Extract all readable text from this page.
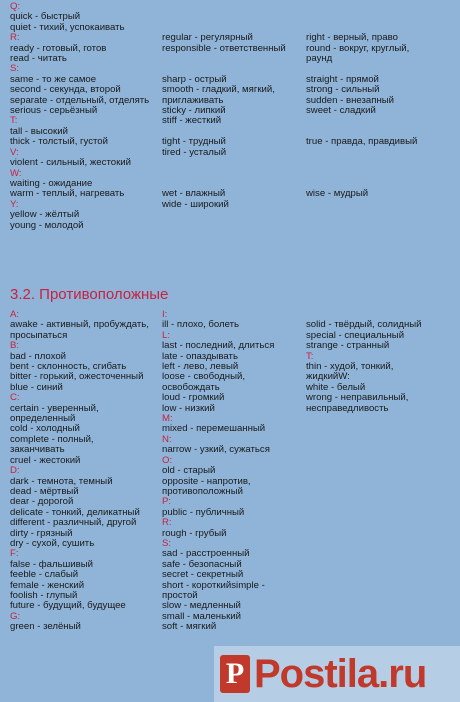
Q:
quick - быстрый
quiet - тихий, успокаивать
R:
ready - готовый, готов
read - читать
S:
same - то же самое
second - секунда, второй
separate - отдельный, отделять
serious - серьёзный
T:
tall - высокий
thick - толстый, густой
V:
violent - сильный, жестокий
W:
waiting - ожидание
warm - теплый, нагревать
Y:
yellow - жёлтый
young - молодой
regular - регулярный
responsible - ответственный
sharp - острый
smooth - гладкий, мягкий,
приглаживать
sticky - липкий
stiff - жесткий
tight - трудный
tired - усталый
wet - влажный
wide - широкий
right - верный, право
round - вокруг, круглый,
раунд
straight - прямой
strong - сильный
sudden - внезапный
sweet - сладкий
true - правда, правдивый
wise - мудрый
3.2. Противоположные
A:
awake - активный, пробуждать,
просыпаться
B:
bad - плохой
bent - склонность, сгибать
bitter - горький, ожесточенный
blue - синий
C:
certain - уверенный,
определенный
cold - холодный
complete - полный,
заканчивать
cruel - жестокий
D:
dark - темнота, темный
dead - мёртвый
dear - дорогой
delicate - тонкий, деликатный
different - различный, другой
dirty - грязный
dry - сухой, сушить
F:
false - фальшивый
feeble - слабый
female - женский
foolish - глупый
future - будущий, будущее
G:
green - зелёный
I:
ill - плохо, болеть
L:
last - последний, длиться
late - опаздывать
left - лево, левый
loose - свободный,
освобождать
loud - громкий
low - низкий
M:
mixed - перемешанный
N:
narrow - узкий, сужаться
O:
old - старый
opposite - напротив,
противоположный
P:
public - публичный
R:
rough - грубый
S:
sad - расстроенный
safe - безопасный
secret - секретный
short - короткийsimple -
простой
slow - медленный
small - маленький
soft - мягкий
solid - твёрдый, солидный
special - специальный
strange - странный
T:
thin - худой, тонкий,
жидкийW:
white - белый
wrong - неправильный,
несправедливость
P Postila.ru
